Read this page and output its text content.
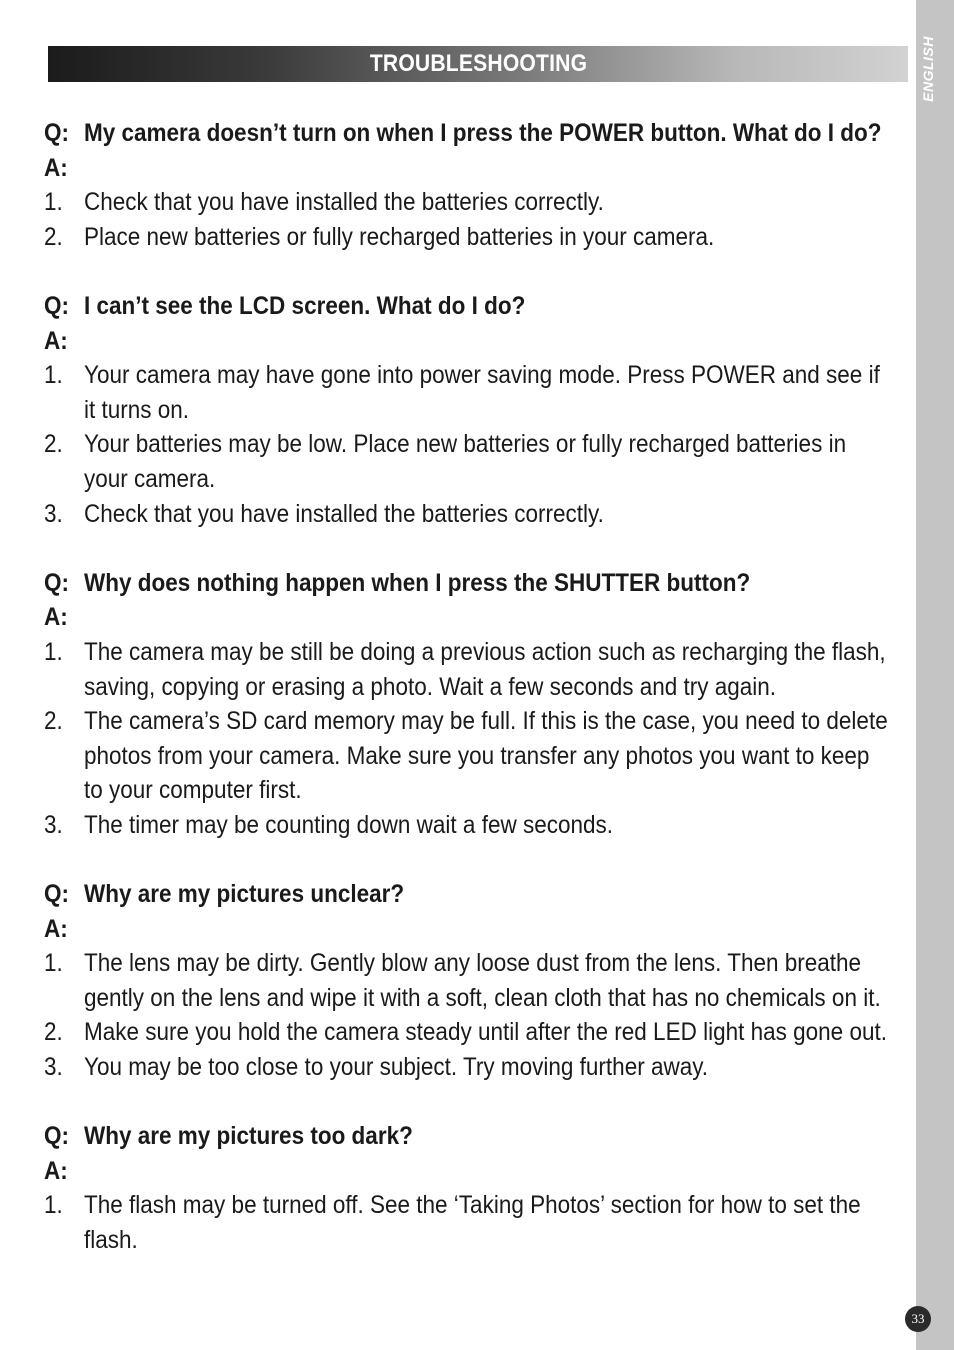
ENGLISH
33
TROUBLESHOOTING
Q: My camera doesn’t turn on when I press the POWER button. What do I do?
A:
1. Check that you have installed the batteries correctly.
2. Place new batteries or fully recharged batteries in your camera.
Q: I can’t see the LCD screen. What do I do?
A:
1. Your camera may have gone into power saving mode. Press POWER and see if
it turns on.
2. Your batteries may be low. Place new batteries or fully recharged batteries in
your camera.
3. Check that you have installed the batteries correctly.
Q: Why does nothing happen when I press the SHUTTER button?
A:
1. The camera may be still be doing a previous action such as recharging the flash,
saving, copying or erasing a photo. Wait a few seconds and try again.
2. The camera’s SD card memory may be full. If this is the case, you need to delete
photos from your camera. Make sure you transfer any photos you want to keep
to your computer first.
3. The timer may be counting down wait a few seconds.
Q: Why are my pictures unclear?
A:
1. The lens may be dirty. Gently blow any loose dust from the lens. Then breathe
gently on the lens and wipe it with a soft, clean cloth that has no chemicals on it.
2. Make sure you hold the camera steady until after the red LED light has gone out.
3. You may be too close to your subject. Try moving further away.
Q: Why are my pictures too dark?
A:
1. The flash may be turned off. See the ‘Taking Photos’ section for how to set the
flash.
